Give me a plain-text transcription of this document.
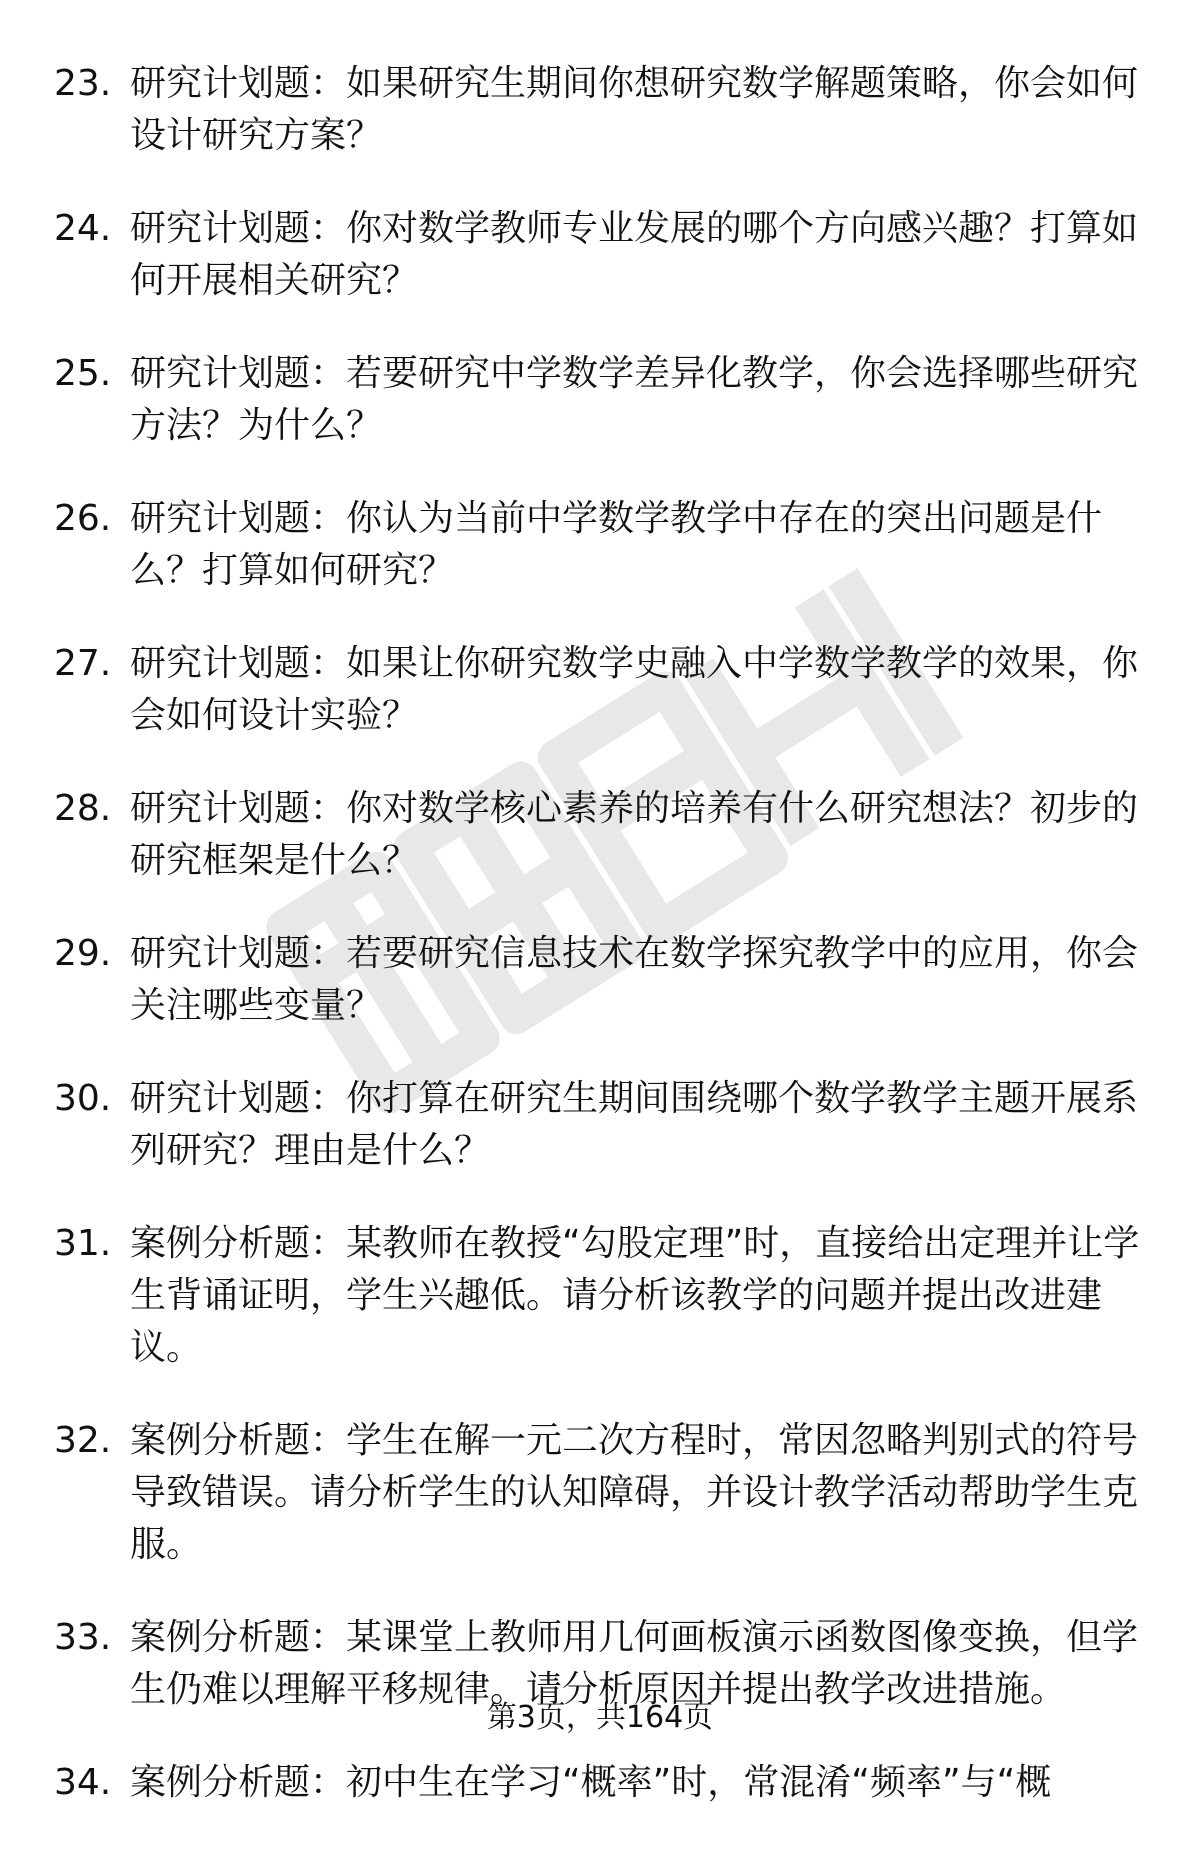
23. 研究计划题：如果研究生期间你想研究数学解题策略，你会如何设计研究方案？
24. 研究计划题：你对数学教师专业发展的哪个方向感兴趣？打算如何开展相关研究？
25. 研究计划题：若要研究中学数学差异化教学，你会选择哪些研究方法？为什么？
26. 研究计划题：你认为当前中学数学教学中存在的突出问题是什么？打算如何研究？
27. 研究计划题：如果让你研究数学史融入中学数学教学的效果，你会如何设计实验？
28. 研究计划题：你对数学核心素养的培养有什么研究想法？初步的研究框架是什么？
29. 研究计划题：若要研究信息技术在数学探究教学中的应用，你会关注哪些变量？
30. 研究计划题：你打算在研究生期间围绕哪个数学教学主题开展系列研究？理由是什么？
31. 案例分析题：某教师在教授“勾股定理”时，直接给出定理并让学生背诵证明，学生兴趣低。请分析该教学的问题并提出改进建议。
32. 案例分析题：学生在解一元二次方程时，常因忽略判别式的符号导致错误。请分析学生的认知障碍，并设计教学活动帮助学生克服。
33. 案例分析题：某课堂上教师用几何画板演示函数图像变换，但学生仍难以理解平移规律。请分析原因并提出教学改进措施。
34. 案例分析题：初中生在学习“概率”时，常混淆“频率”与“概
第3页，共164页
